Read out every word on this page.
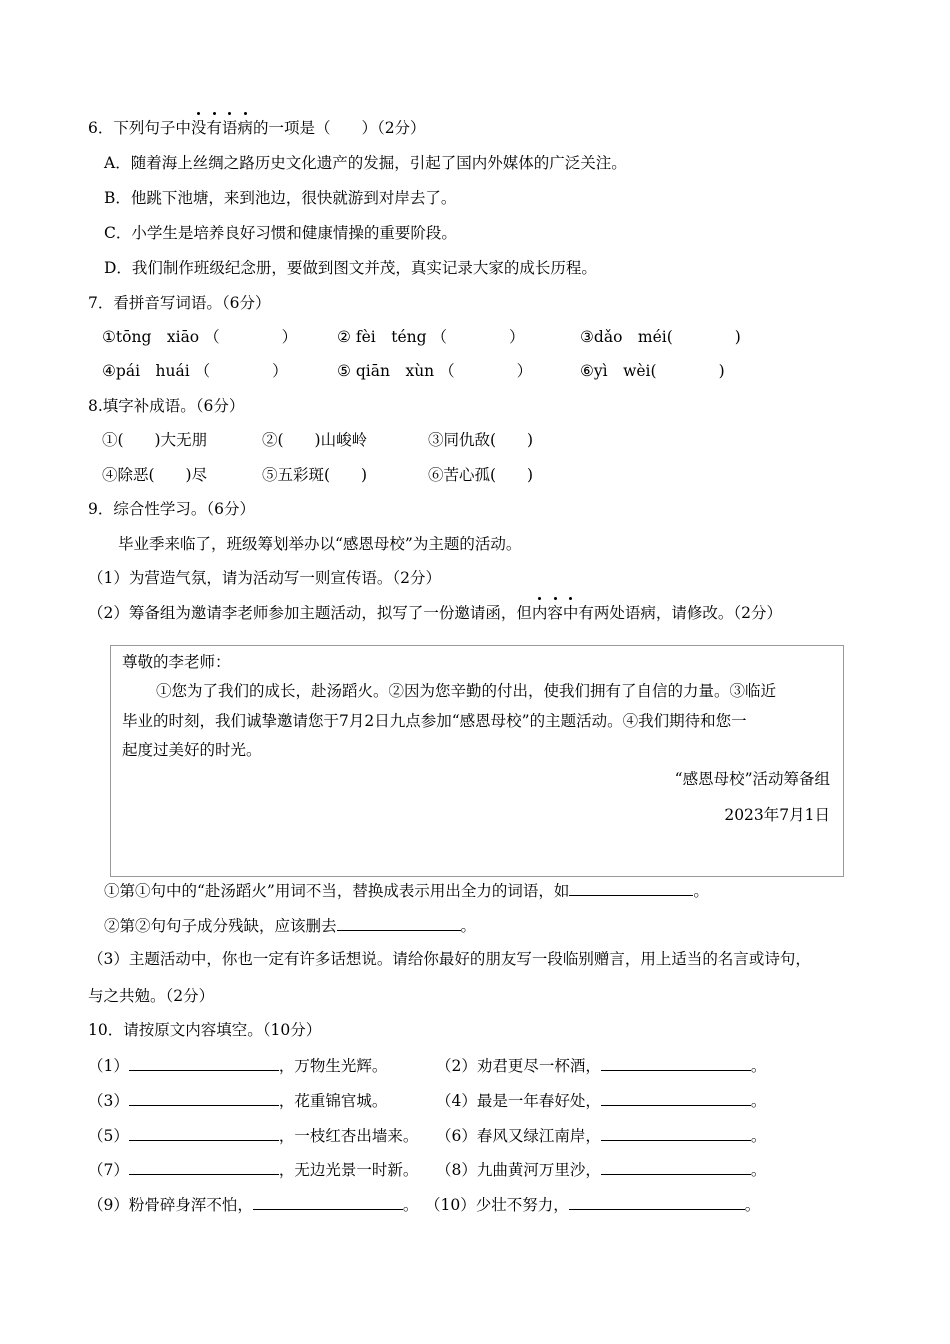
6．下列句子中没有语病的一项是（　　）（2分）
A．随着海上丝绸之路历史文化遗产的发掘，引起了国内外媒体的广泛关注。
B．他跳下池塘，来到池边，很快就游到对岸去了。
C．小学生是培养良好习惯和健康情操的重要阶段。
D．我们制作班级纪念册，要做到图文并茂，真实记录大家的成长历程。
7．看拼音写词语。（6分）
①tōng　xiāo （　　　　）	② fèi　téng （　　　　）	③dǎo　méi(　　　　)
④pái　huái （　　　　）	⑤ qiān　xùn （　　　　）	⑥yì　wèi(　　　　)
8.填字补成语。（6分）
①(　　)大无朋	②(　　)山峻岭	③同仇敌(　　)
④除恶(　　)尽	⑤五彩斑(　　)	⑥苦心孤(　　)
9．综合性学习。（6分）
毕业季来临了，班级筹划举办以“感恩母校”为主题的活动。
（1）为营造气氛，请为活动写一则宣传语。（2分）
（2）筹备组为邀请李老师参加主题活动，拟写了一份邀请函，但内容中有两处语病，请修改。（2分）
尊敬的李老师：
①您为了我们的成长，赴汤蹈火。②因为您辛勤的付出，使我们拥有了自信的力量。③临近
毕业的时刻，我们诚挚邀请您于7月2日九点参加“感恩母校”的主题活动。④我们期待和您一
起度过美好的时光。
“感恩母校”活动筹备组
2023年7月1日
①第①句中的“赴汤蹈火”用词不当，替换成表示用出全力的词语，如	。
②第②句句子成分残缺，应该删去	。
（3）主题活动中，你也一定有许多话想说。请给你最好的朋友写一段临别赠言，用上适当的名言或诗句，
与之共勉。（2分）
10．请按原文内容填空。（10分）
（1）	，万物生光辉。	（2）劝君更尽一杯酒，	。
（3）	，花重锦官城。	（4）最是一年春好处，	。
（5）	，一枝红杏出墙来。 （6）春风又绿江南岸，	。
（7）	，无边光景一时新。 （8）九曲黄河万里沙，	。
（9）粉骨碎身浑不怕，	。 （10）少壮不努力，	。
